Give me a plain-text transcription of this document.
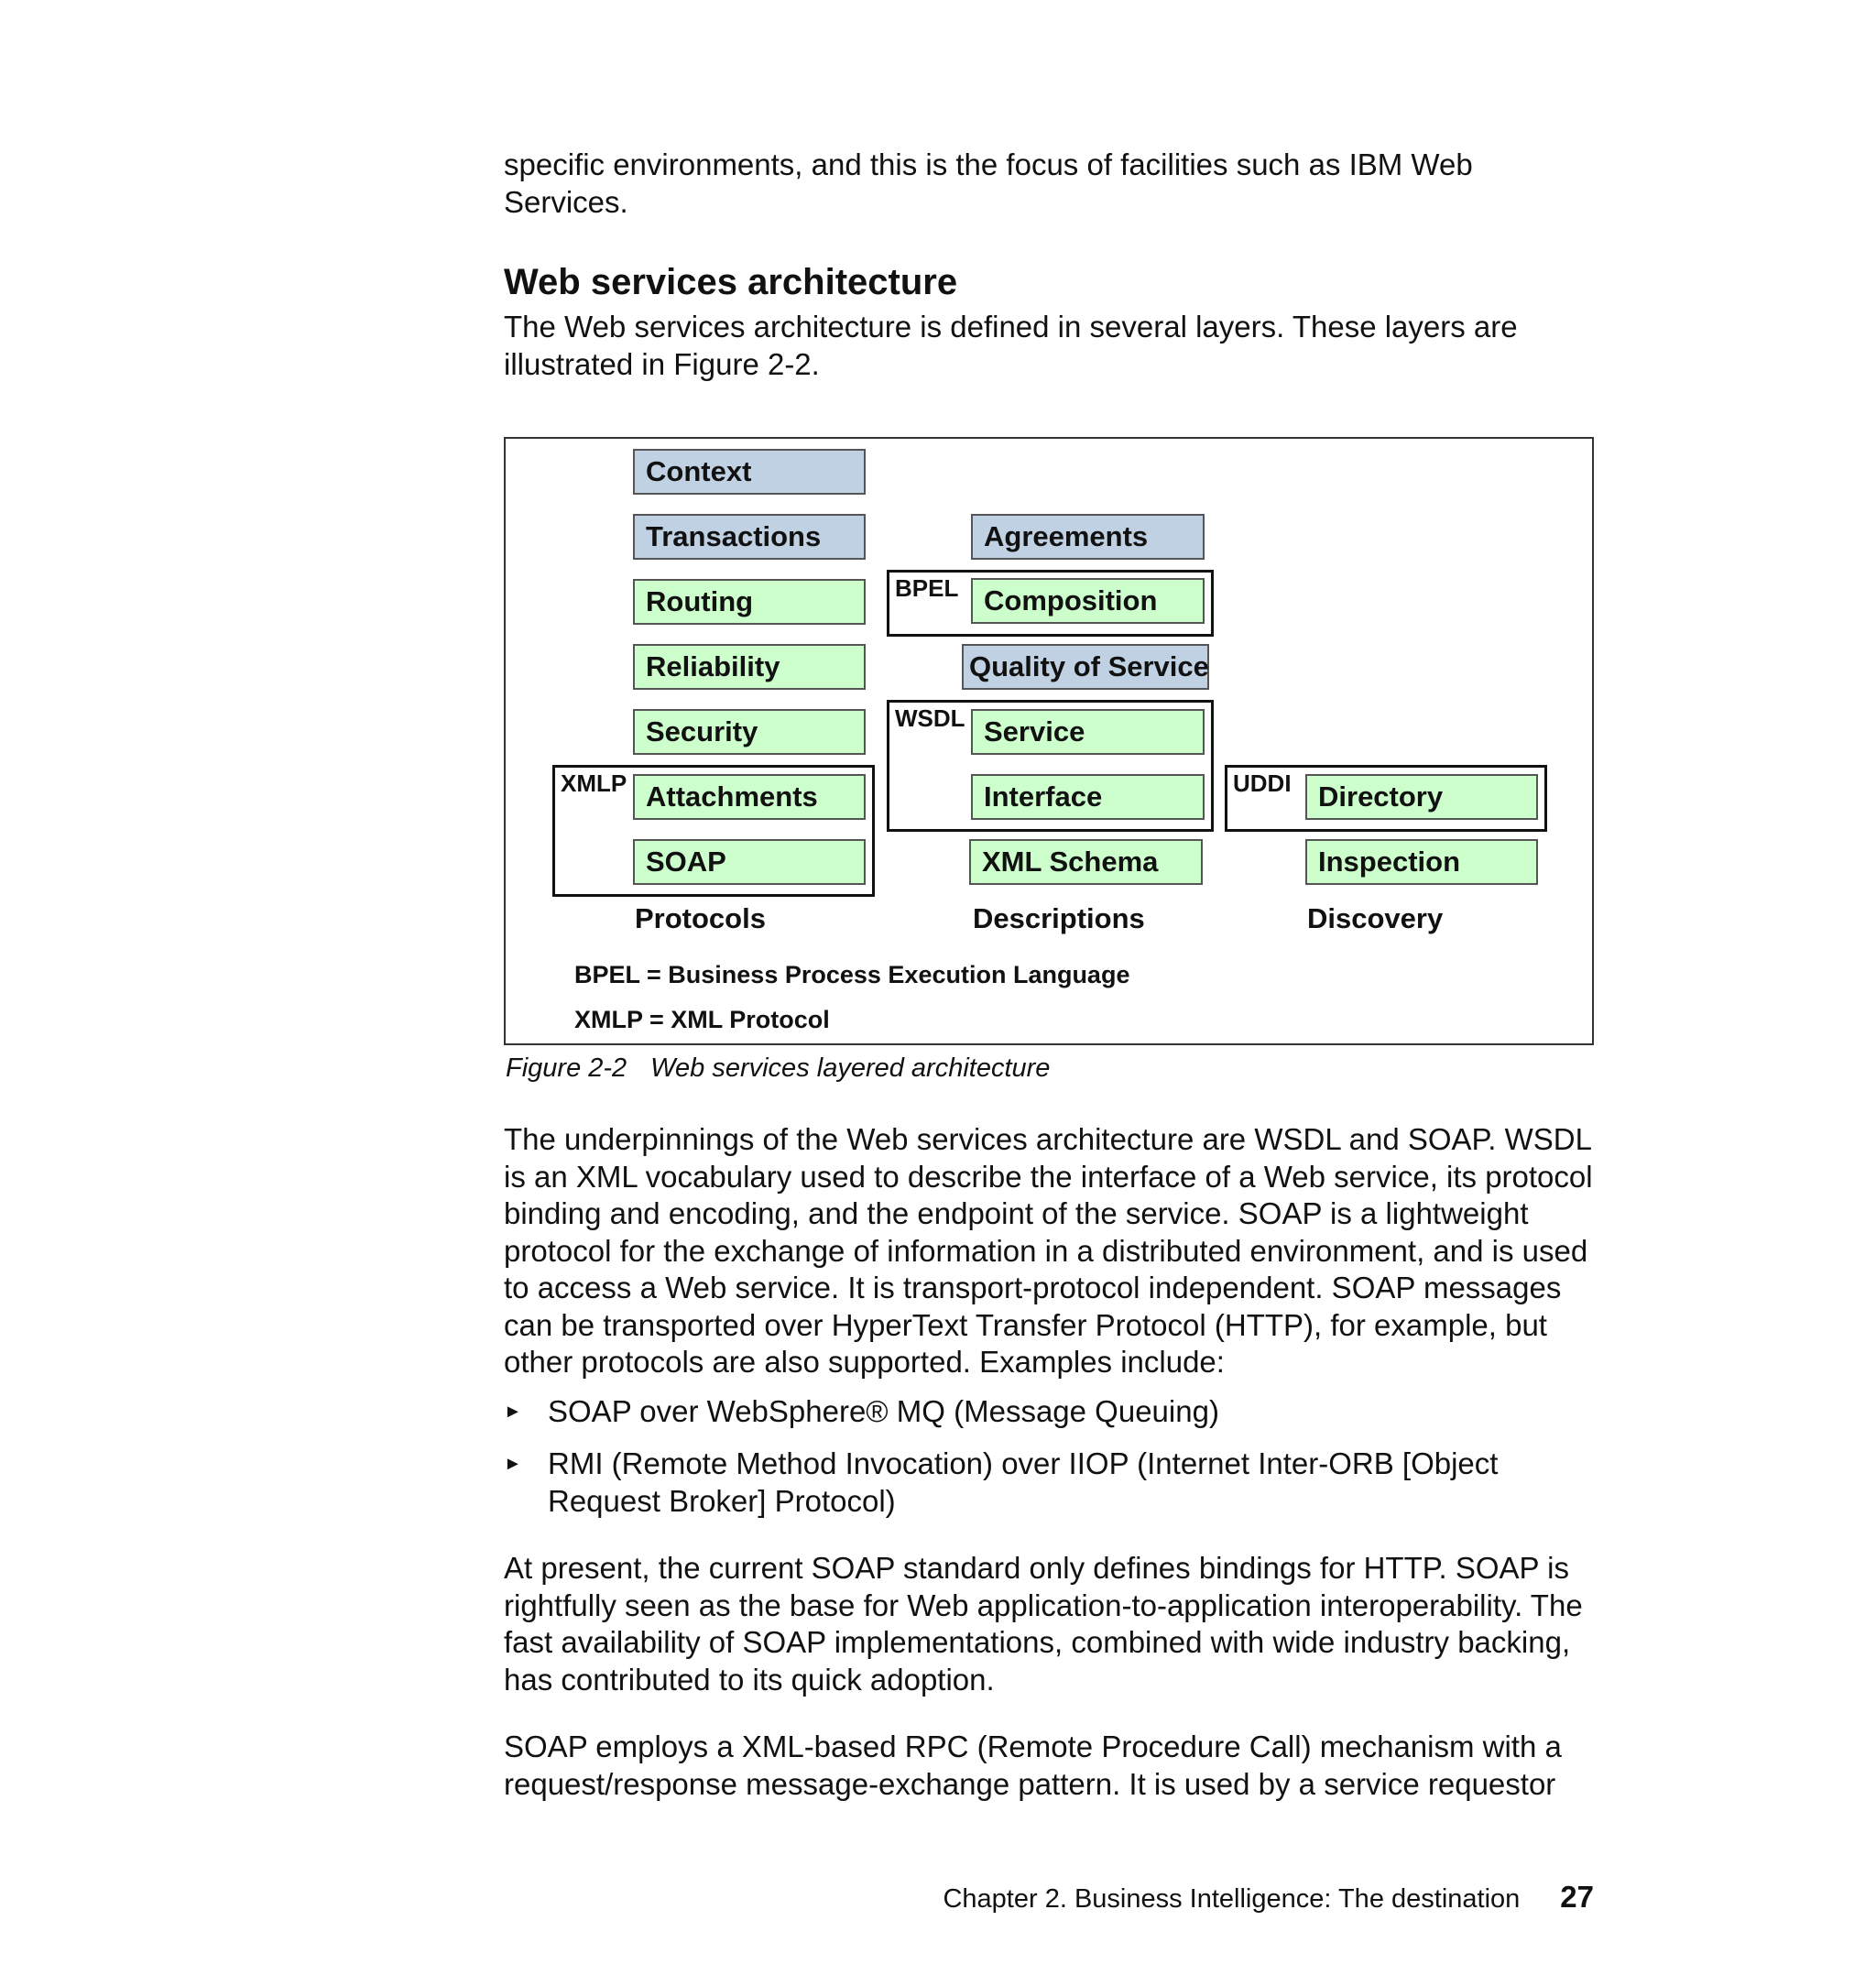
specific environments, and this is the focus of facilities such as IBM Web Services.

Web services architecture

The Web services architecture is defined in several layers. These layers are illustrated in Figure 2-2.

Context
Transactions
Routing
Reliability
Security
XMLP Attachments
SOAP
Protocols
Agreements
BPEL Composition
Quality of Service
WSDL Service
Interface
XML Schema
Descriptions
UDDI Directory
Inspection
Discovery
BPEL = Business Process Execution Language
XMLP = XML Protocol
Figure 2-2 Web services layered architecture

The underpinnings of the Web services architecture are WSDL and SOAP. WSDL is an XML vocabulary used to describe the interface of a Web service, its protocol binding and encoding, and the endpoint of the service. SOAP is a lightweight protocol for the exchange of information in a distributed environment, and is used to access a Web service. It is transport-protocol independent. SOAP messages can be transported over HyperText Transfer Protocol (HTTP), for example, but other protocols are also supported. Examples include:

► SOAP over WebSphere® MQ (Message Queuing)
► RMI (Remote Method Invocation) over IIOP (Internet Inter-ORB [Object Request Broker] Protocol)

At present, the current SOAP standard only defines bindings for HTTP. SOAP is rightfully seen as the base for Web application-to-application interoperability. The fast availability of SOAP implementations, combined with wide industry backing, has contributed to its quick adoption.

SOAP employs a XML-based RPC (Remote Procedure Call) mechanism with a request/response message-exchange pattern. It is used by a service requestor

Chapter 2. Business Intelligence: The destination 27
